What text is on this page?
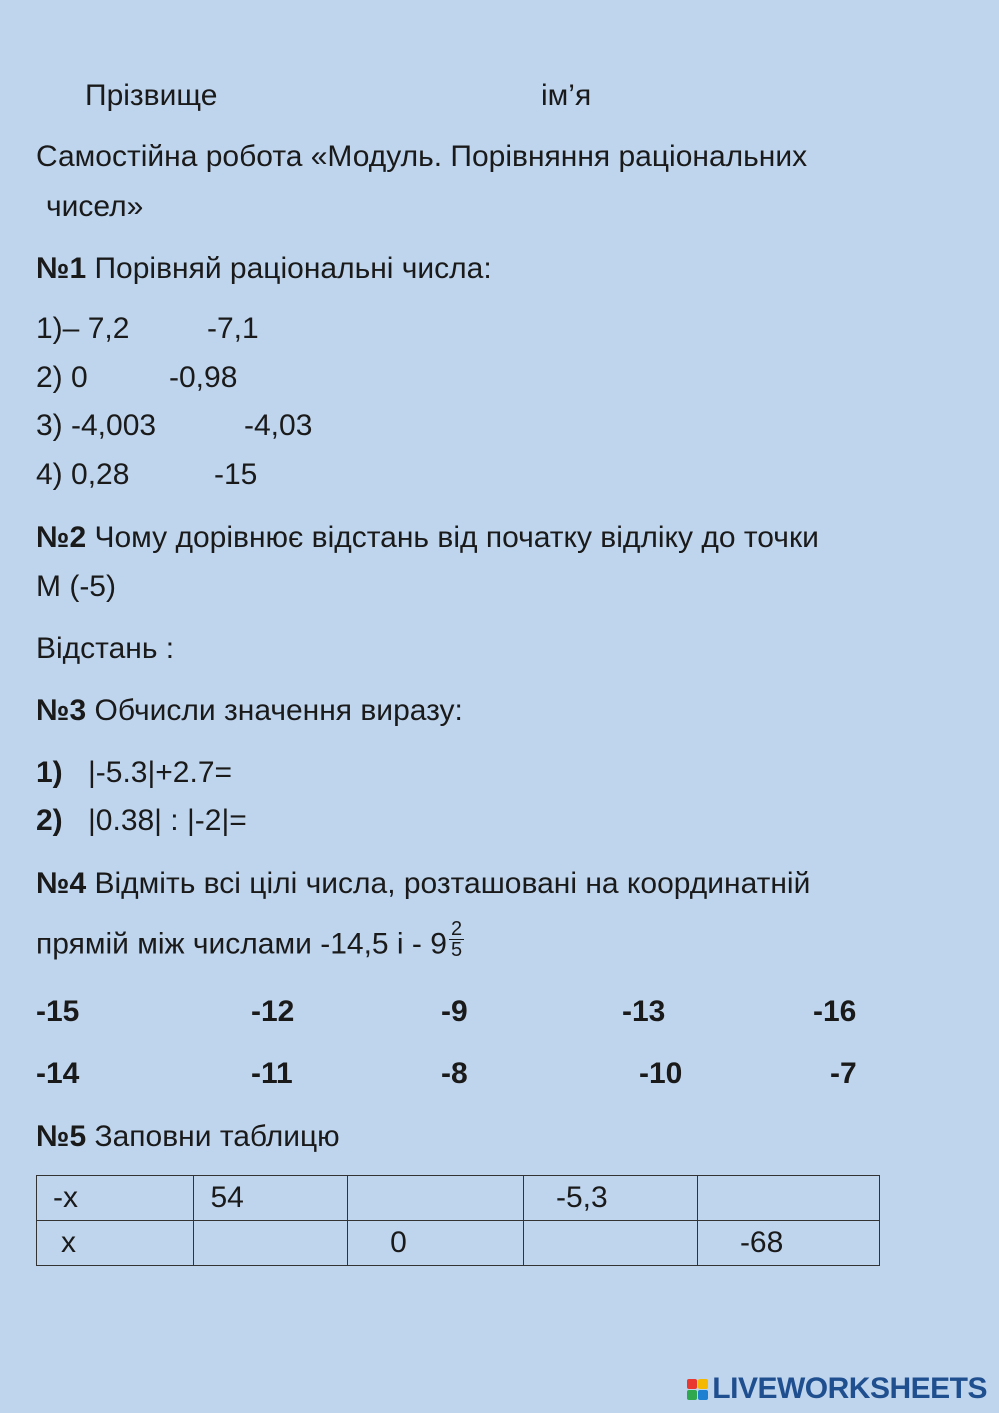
Прізвище	ім’я
Самостійна робота «Модуль. Порівняння раціональних
чисел»
№1 Порівняй раціональні числа:
1)– 7,2	-7,1
2) 0	-0,98
3) -4,003	-4,03
4) 0,28	-15
№2 Чому дорівнює відстань від початку відліку до точки
М (-5)
Відстань :
№3 Обчисли значення виразу:
1) |-5.3|+2.7=
2) |0.38| : |-2|=
№4 Відміть всі цілі числа, розташовані на координатній
прямій між числами -14,5 і - $9 \frac{2}{5}$
-15	-12	-9	-13	-16
-14	-11	-8	-10	-7
№5 Заповни таблицю
-x	54		-5,3	
x		0		-68
LIVEWORKSHEETS
